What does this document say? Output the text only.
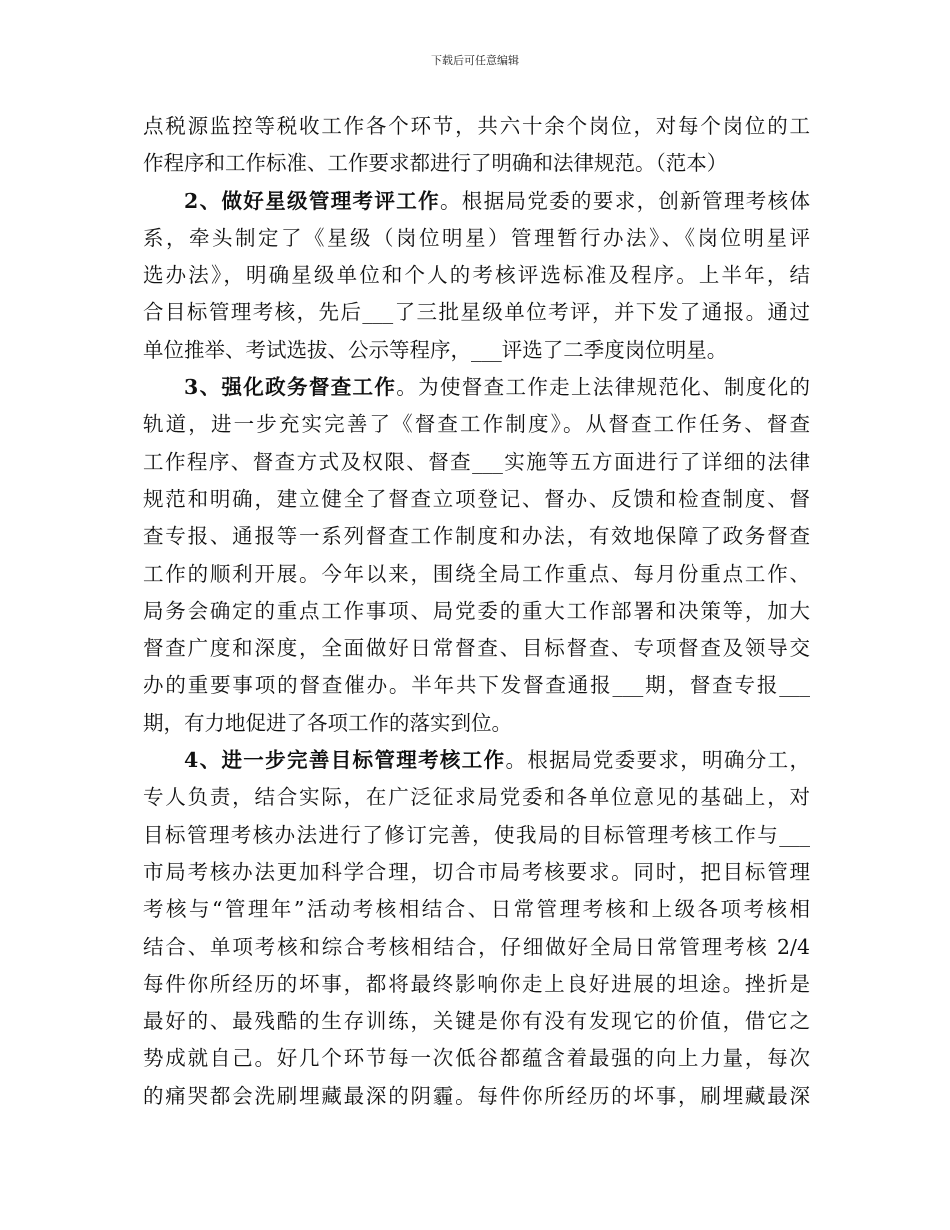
下载后可任意编辑
点税源监控等税收工作各个环节，共六十余个岗位，对每个岗位的工
作程序和工作标准、工作要求都进行了明确和法律规范。（范本）
2、做好星级管理考评工作。根据局党委的要求，创新管理考核体
系，牵头制定了《星级（岗位明星）管理暂行办法》、《岗位明星评
选办法》，明确星级单位和个人的考核评选标准及程序。上半年，结
合目标管理考核，先后___了三批星级单位考评，并下发了通报。通过
单位推举、考试选拔、公示等程序，___评选了二季度岗位明星。
3、强化政务督查工作。为使督查工作走上法律规范化、制度化的
轨道，进一步充实完善了《督查工作制度》。从督查工作任务、督查
工作程序、督查方式及权限、督查___实施等五方面进行了详细的法律
规范和明确，建立健全了督查立项登记、督办、反馈和检查制度、督
查专报、通报等一系列督查工作制度和办法，有效地保障了政务督查
工作的顺利开展。今年以来，围绕全局工作重点、每月份重点工作、
局务会确定的重点工作事项、局党委的重大工作部署和决策等，加大
督查广度和深度，全面做好日常督查、目标督查、专项督查及领导交
办的重要事项的督查催办。半年共下发督查通报___期，督查专报___
期，有力地促进了各项工作的落实到位。
4、进一步完善目标管理考核工作。根据局党委要求，明确分工，
专人负责，结合实际，在广泛征求局党委和各单位意见的基础上，对
目标管理考核办法进行了修订完善，使我局的目标管理考核工作与___
市局考核办法更加科学合理，切合市局考核要求。同时，把目标管理
考核与“管理年”活动考核相结合、日常管理考核和上级各项考核相
结合、单项考核和综合考核相结合，仔细做好全局日常管理考核 2/4
每件你所经历的坏事，都将最终影响你走上良好进展的坦途。挫折是
最好的、最残酷的生存训练，关键是你有没有发现它的价值，借它之
势成就自己。好几个环节每一次低谷都蕴含着最强的向上力量，每次
的痛哭都会洗刷埋藏最深的阴霾。每件你所经历的坏事，刷埋藏最深
